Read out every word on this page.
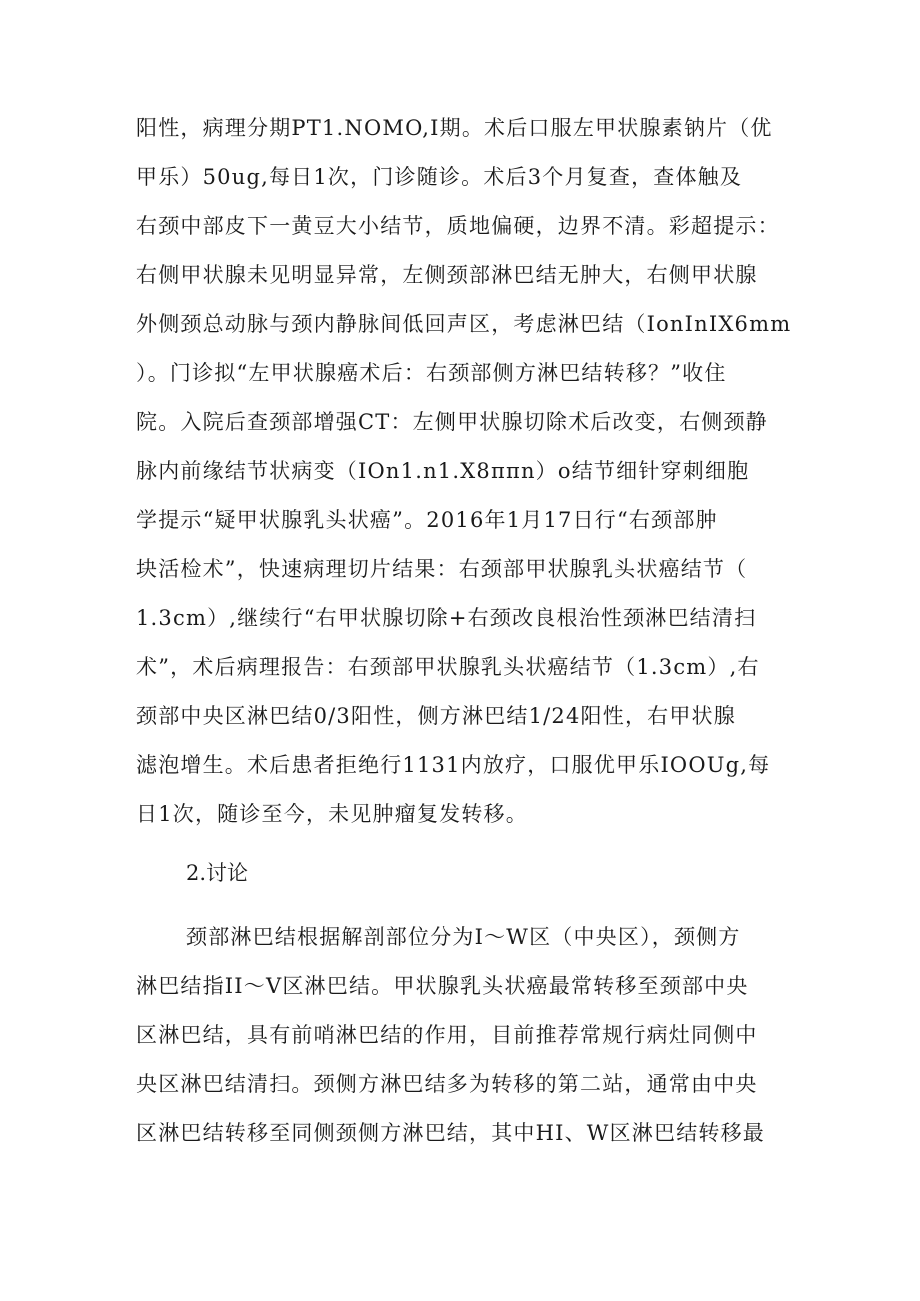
阳性，病理分期PT1.NOMO,I期。术后口服左甲状腺素钠片（优
甲乐）50ug,每日1次，门诊随诊。术后3个月复查，查体触及
右颈中部皮下一黄豆大小结节，质地偏硬，边界不清。彩超提示：
右侧甲状腺未见明显异常，左侧颈部淋巴结无肿大，右侧甲状腺
外侧颈总动脉与颈内静脉间低回声区，考虑淋巴结（IonInIX6mm
）。门诊拟“左甲状腺癌术后：右颈部侧方淋巴结转移？”收住
院。入院后查颈部增强CT：左侧甲状腺切除术后改变，右侧颈静
脉内前缘结节状病变（IOn1.n1.X8ππn）o结节细针穿刺细胞
学提示“疑甲状腺乳头状癌”。2016年1月17日行“右颈部肿
块活检术”，快速病理切片结果：右颈部甲状腺乳头状癌结节（
1.3cm）,继续行“右甲状腺切除+右颈改良根治性颈淋巴结清扫
术”，术后病理报告：右颈部甲状腺乳头状癌结节（1.3cm）,右
颈部中央区淋巴结0/3阳性，侧方淋巴结1/24阳性，右甲状腺
滤泡增生。术后患者拒绝行1131内放疗，口服优甲乐IOOUg,每
日1次，随诊至今，未见肿瘤复发转移。
2.讨论
颈部淋巴结根据解剖部位分为I〜W区（中央区），颈侧方
淋巴结指II〜V区淋巴结。甲状腺乳头状癌最常转移至颈部中央
区淋巴结，具有前哨淋巴结的作用，目前推荐常规行病灶同侧中
央区淋巴结清扫。颈侧方淋巴结多为转移的第二站，通常由中央
区淋巴结转移至同侧颈侧方淋巴结，其中HI、W区淋巴结转移最
